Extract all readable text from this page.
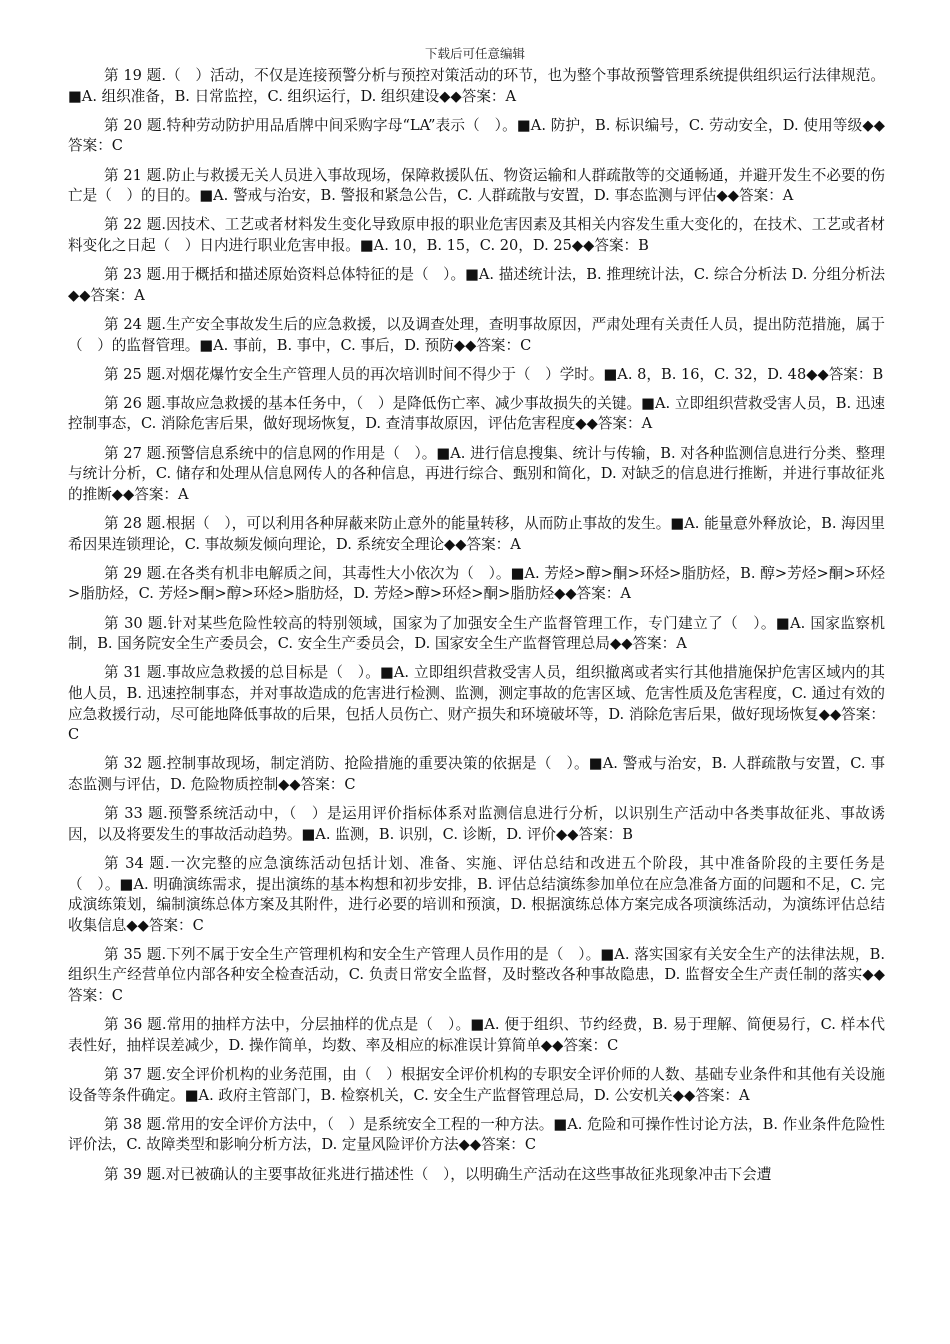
下载后可任意编辑

第 19 题.（　）活动，不仅是连接预警分析与预控对策活动的环节，也为整个事故预警管理系统提供组织运行法律规范。■A. 组织准备，B. 日常监控，C. 组织运行，D. 组织建设◆◆答案：A

第 20 题.特种劳动防护用品盾牌中间采购字母“LA”表示（　）。■A. 防护，B. 标识编号，C. 劳动安全，D. 使用等级◆◆答案：C

第 21 题.防止与救援无关人员进入事故现场，保障救援队伍、物资运输和人群疏散等的交通畅通，并避开发生不必要的伤亡是（　）的目的。■A. 警戒与治安，B. 警报和紧急公告，C. 人群疏散与安置，D. 事态监测与评估◆◆答案：A

第 22 题.因技术、工艺或者材料发生变化导致原申报的职业危害因素及其相关内容发生重大变化的，在技术、工艺或者材料变化之日起（　）日内进行职业危害申报。■A. 10，B. 15，C. 20，D. 25◆◆答案：B

第 23 题.用于概括和描述原始资料总体特征的是（　）。■A. 描述统计法，B. 推理统计法，C. 综合分析法 D. 分组分析法◆◆答案：A

第 24 题.生产安全事故发生后的应急救援，以及调查处理，查明事故原因，严肃处理有关责任人员，提出防范措施，属于（　）的监督管理。■A. 事前，B. 事中，C. 事后，D. 预防◆◆答案：C

第 25 题.对烟花爆竹安全生产管理人员的再次培训时间不得少于（　）学时。■A. 8，B. 16，C. 32，D. 48◆◆答案：B

第 26 题.事故应急救援的基本任务中，（　）是降低伤亡率、减少事故损失的关键。■A. 立即组织营救受害人员，B. 迅速控制事态，C. 消除危害后果，做好现场恢复，D. 查清事故原因，评估危害程度◆◆答案：A

第 27 题.预警信息系统中的信息网的作用是（　）。■A. 进行信息搜集、统计与传输，B. 对各种监测信息进行分类、整理与统计分析，C. 储存和处理从信息网传人的各种信息，再进行综合、甄别和简化，D. 对缺乏的信息进行推断，并进行事故征兆的推断◆◆答案：A

第 28 题.根据（　），可以利用各种屏蔽来防止意外的能量转移，从而防止事故的发生。■A. 能量意外释放论，B. 海因里希因果连锁理论，C. 事故频发倾向理论，D. 系统安全理论◆◆答案：A

第 29 题.在各类有机非电解质之间，其毒性大小依次为（　）。■A. 芳烃>醇>酮>环烃>脂肪烃，B. 醇>芳烃>酮>环烃>脂肪烃，C. 芳烃>酮>醇>环烃>脂肪烃，D. 芳烃>醇>环烃>酮>脂肪烃◆◆答案：A

第 30 题.针对某些危险性较高的特别领域，国家为了加强安全生产监督管理工作，专门建立了（　）。■A. 国家监察机制，B. 国务院安全生产委员会，C. 安全生产委员会，D. 国家安全生产监督管理总局◆◆答案：A

第 31 题.事故应急救援的总目标是（　）。■A. 立即组织营救受害人员，组织撤离或者实行其他措施保护危害区域内的其他人员，B. 迅速控制事态，并对事故造成的危害进行检测、监测，测定事故的危害区域、危害性质及危害程度，C. 通过有效的应急救援行动，尽可能地降低事故的后果，包括人员伤亡、财产损失和环境破坏等，D. 消除危害后果，做好现场恢复◆◆答案：C

第 32 题.控制事故现场，制定消防、抢险措施的重要决策的依据是（　）。■A. 警戒与治安，B. 人群疏散与安置，C. 事态监测与评估，D. 危险物质控制◆◆答案：C

第 33 题.预警系统活动中，（　）是运用评价指标体系对监测信息进行分析，以识别生产活动中各类事故征兆、事故诱因，以及将要发生的事故活动趋势。■A. 监测，B. 识别，C. 诊断，D. 评价◆◆答案：B

第 34 题.一次完整的应急演练活动包括计划、准备、实施、评估总结和改进五个阶段，其中准备阶段的主要任务是（　）。■A. 明确演练需求，提出演练的基本构想和初步安排，B. 评估总结演练参加单位在应急准备方面的问题和不足，C. 完成演练策划，编制演练总体方案及其附件，进行必要的培训和预演，D. 根据演练总体方案完成各项演练活动，为演练评估总结收集信息◆◆答案：C

第 35 题.下列不属于安全生产管理机构和安全生产管理人员作用的是（　）。■A. 落实国家有关安全生产的法律法规，B. 组织生产经营单位内部各种安全检查活动，C. 负责日常安全监督，及时整改各种事故隐患，D. 监督安全生产责任制的落实◆◆答案：C

第 36 题.常用的抽样方法中，分层抽样的优点是（　）。■A. 便于组织、节约经费，B. 易于理解、简便易行，C. 样本代表性好，抽样误差减少，D. 操作简单，均数、率及相应的标准误计算简单◆◆答案：C

第 37 题.安全评价机构的业务范围，由（　）根据安全评价机构的专职安全评价师的人数、基础专业条件和其他有关设施设备等条件确定。■A. 政府主管部门，B. 检察机关，C. 安全生产监督管理总局，D. 公安机关◆◆答案：A

第 38 题.常用的安全评价方法中，（　）是系统安全工程的一种方法。■A. 危险和可操作性讨论方法，B. 作业条件危险性评价法，C. 故障类型和影响分析方法，D. 定量风险评价方法◆◆答案：C

第 39 题.对已被确认的主要事故征兆进行描述性（　），以明确生产活动在这些事故征兆现象冲击下会遭
